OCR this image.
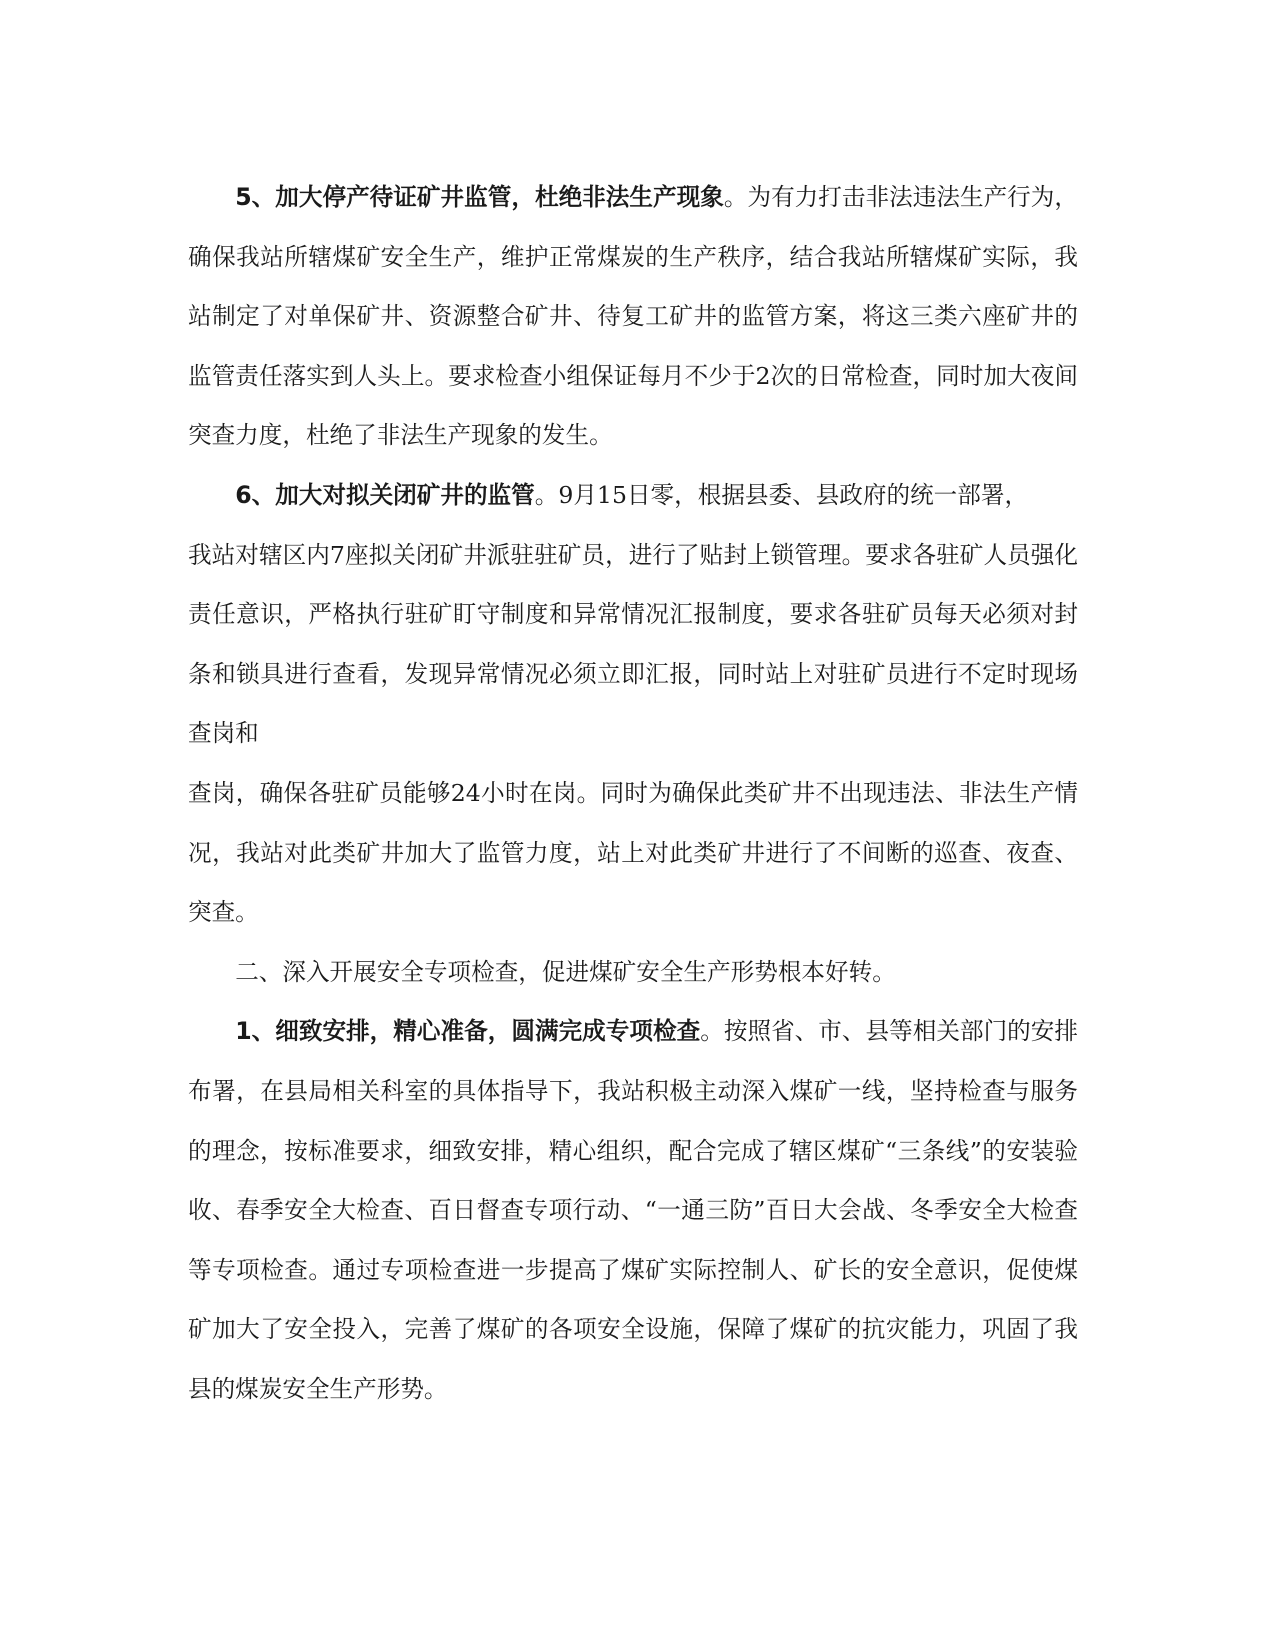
5、加大停产待证矿井监管，杜绝非法生产现象。为有力打击非法违法生产行为，确保我站所辖煤矿安全生产，维护正常煤炭的生产秩序，结合我站所辖煤矿实际，我站制定了对单保矿井、资源整合矿井、待复工矿井的监管方案，将这三类六座矿井的监管责任落实到人头上。要求检查小组保证每月不少于2次的日常检查，同时加大夜间突查力度，杜绝了非法生产现象的发生。

6、加大对拟关闭矿井的监管。9月15日零，根据县委、县政府的统一部署，

我站对辖区内7座拟关闭矿井派驻驻矿员，进行了贴封上锁管理。要求各驻矿人员强化责任意识，严格执行驻矿盯守制度和异常情况汇报制度，要求各驻矿员每天必须对封条和锁具进行查看，发现异常情况必须立即汇报，同时站上对驻矿员进行不定时现场查岗和

查岗，确保各驻矿员能够24小时在岗。同时为确保此类矿井不出现违法、非法生产情况，我站对此类矿井加大了监管力度，站上对此类矿井进行了不间断的巡查、夜查、突查。

二、深入开展安全专项检查，促进煤矿安全生产形势根本好转。

1、细致安排，精心准备，圆满完成专项检查。按照省、市、县等相关部门的安排布署，在县局相关科室的具体指导下，我站积极主动深入煤矿一线，坚持检查与服务的理念，按标准要求，细致安排，精心组织，配合完成了辖区煤矿“三条线”的安装验收、春季安全大检查、百日督查专项行动、“一通三防”百日大会战、冬季安全大检查等专项检查。通过专项检查进一步提高了煤矿实际控制人、矿长的安全意识，促使煤矿加大了安全投入，完善了煤矿的各项安全设施，保障了煤矿的抗灾能力，巩固了我县的煤炭安全生产形势。
